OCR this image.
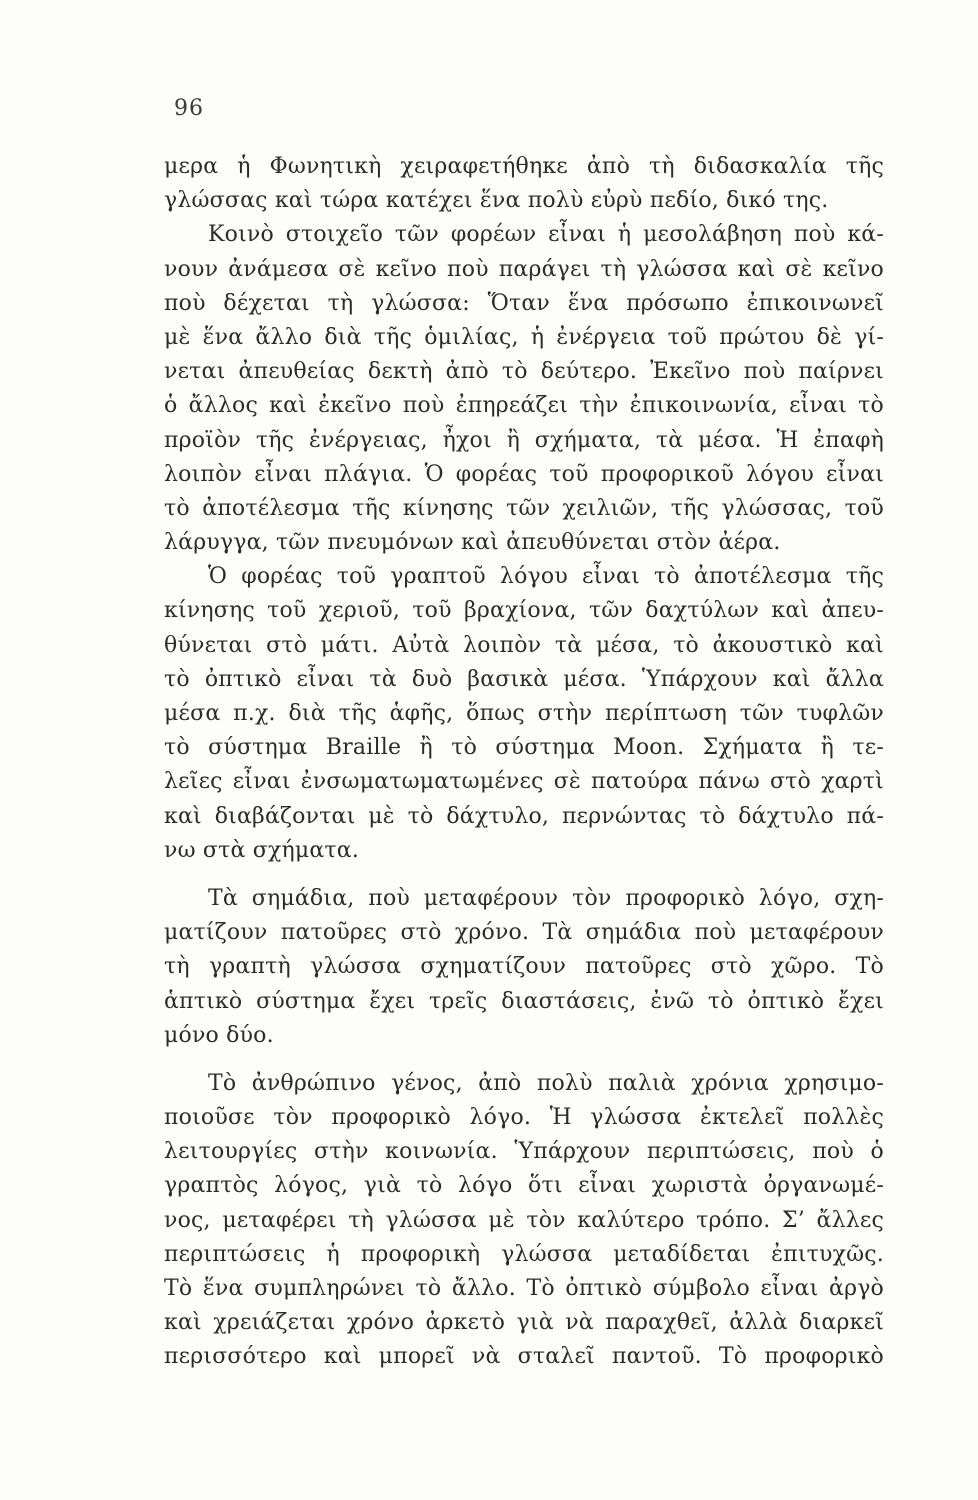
96
μερα ἡ Φωνητικὴ χειραφετήθηκε ἀπὸ τὴ διδασκαλία τῆς
γλώσσας καὶ τώρα κατέχει ἕνα πολὺ εὐρὺ πεδίο, δικό της.
Κοινὸ στοιχεῖο τῶν φορέων εἶναι ἡ μεσολάβηση ποὺ κά-
νουν ἀνάμεσα σὲ κεῖνο ποὺ παράγει τὴ γλώσσα καὶ σὲ κεῖνο
ποὺ δέχεται τὴ γλώσσα: Ὅταν ἕνα πρόσωπο ἐπικοινωνεῖ
μὲ ἕνα ἄλλο διὰ τῆς ὁμιλίας, ἡ ἐνέργεια τοῦ πρώτου δὲ γί-
νεται ἀπευθείας δεκτὴ ἀπὸ τὸ δεύτερο. Ἐκεῖνο ποὺ παίρνει
ὁ ἄλλος καὶ ἐκεῖνο ποὺ ἐπηρεάζει τὴν ἐπικοινωνία, εἶναι τὸ
προϊὸν τῆς ἐνέργειας, ἦχοι ἢ σχήματα, τὰ μέσα. Ἡ ἐπαφὴ
λοιπὸν εἶναι πλάγια. Ὁ φορέας τοῦ προφορικοῦ λόγου εἶναι
τὸ ἀποτέλεσμα τῆς κίνησης τῶν χειλιῶν, τῆς γλώσσας, τοῦ
λάρυγγα, τῶν πνευμόνων καὶ ἀπευθύνεται στὸν ἀέρα.
Ὁ φορέας τοῦ γραπτοῦ λόγου εἶναι τὸ ἀποτέλεσμα τῆς
κίνησης τοῦ χεριοῦ, τοῦ βραχίονα, τῶν δαχτύλων καὶ ἀπευ-
θύνεται στὸ μάτι. Αὐτὰ λοιπὸν τὰ μέσα, τὸ ἀκουστικὸ καὶ
τὸ ὀπτικὸ εἶναι τὰ δυὸ βασικὰ μέσα. Ὑπάρχουν καὶ ἄλλα
μέσα π.χ. διὰ τῆς ἁφῆς, ὅπως στὴν περίπτωση τῶν τυφλῶν
τὸ σύστημα Braille ἢ τὸ σύστημα Moon. Σχήματα ἢ τε-
λεῖες εἶναι ἐνσωματωματωμένες σὲ πατούρα πάνω στὸ χαρτὶ
καὶ διαβάζονται μὲ τὸ δάχτυλο, περνώντας τὸ δάχτυλο πά-
νω στὰ σχήματα.
Τὰ σημάδια, ποὺ μεταφέρουν τὸν προφορικὸ λόγο, σχη-
ματίζουν πατοῦρες στὸ χρόνο. Τὰ σημάδια ποὺ μεταφέρουν
τὴ γραπτὴ γλώσσα σχηματίζουν πατοῦρες στὸ χῶρο. Τὸ
ἁπτικὸ σύστημα ἔχει τρεῖς διαστάσεις, ἐνῶ τὸ ὀπτικὸ ἔχει
μόνο δύο.
Τὸ ἀνθρώπινο γένος, ἀπὸ πολὺ παλιὰ χρόνια χρησιμο-
ποιοῦσε τὸν προφορικὸ λόγο. Ἡ γλώσσα ἐκτελεῖ πολλὲς
λειτουργίες στὴν κοινωνία. Ὑπάρχουν περιπτώσεις, ποὺ ὁ
γραπτὸς λόγος, γιὰ τὸ λόγο ὅτι εἶναι χωριστὰ ὀργανωμέ-
νος, μεταφέρει τὴ γλώσσα μὲ τὸν καλύτερο τρόπο. Σ’ ἄλλες
περιπτώσεις ἡ προφορικὴ γλώσσα μεταδίδεται ἐπιτυχῶς.
Τὸ ἕνα συμπληρώνει τὸ ἄλλο. Τὸ ὀπτικὸ σύμβολο εἶναι ἀργὸ
καὶ χρειάζεται χρόνο ἀρκετὸ γιὰ νὰ παραχθεῖ, ἀλλὰ διαρκεῖ
περισσότερο καὶ μπορεῖ νὰ σταλεῖ παντοῦ. Τὸ προφορικὸ
